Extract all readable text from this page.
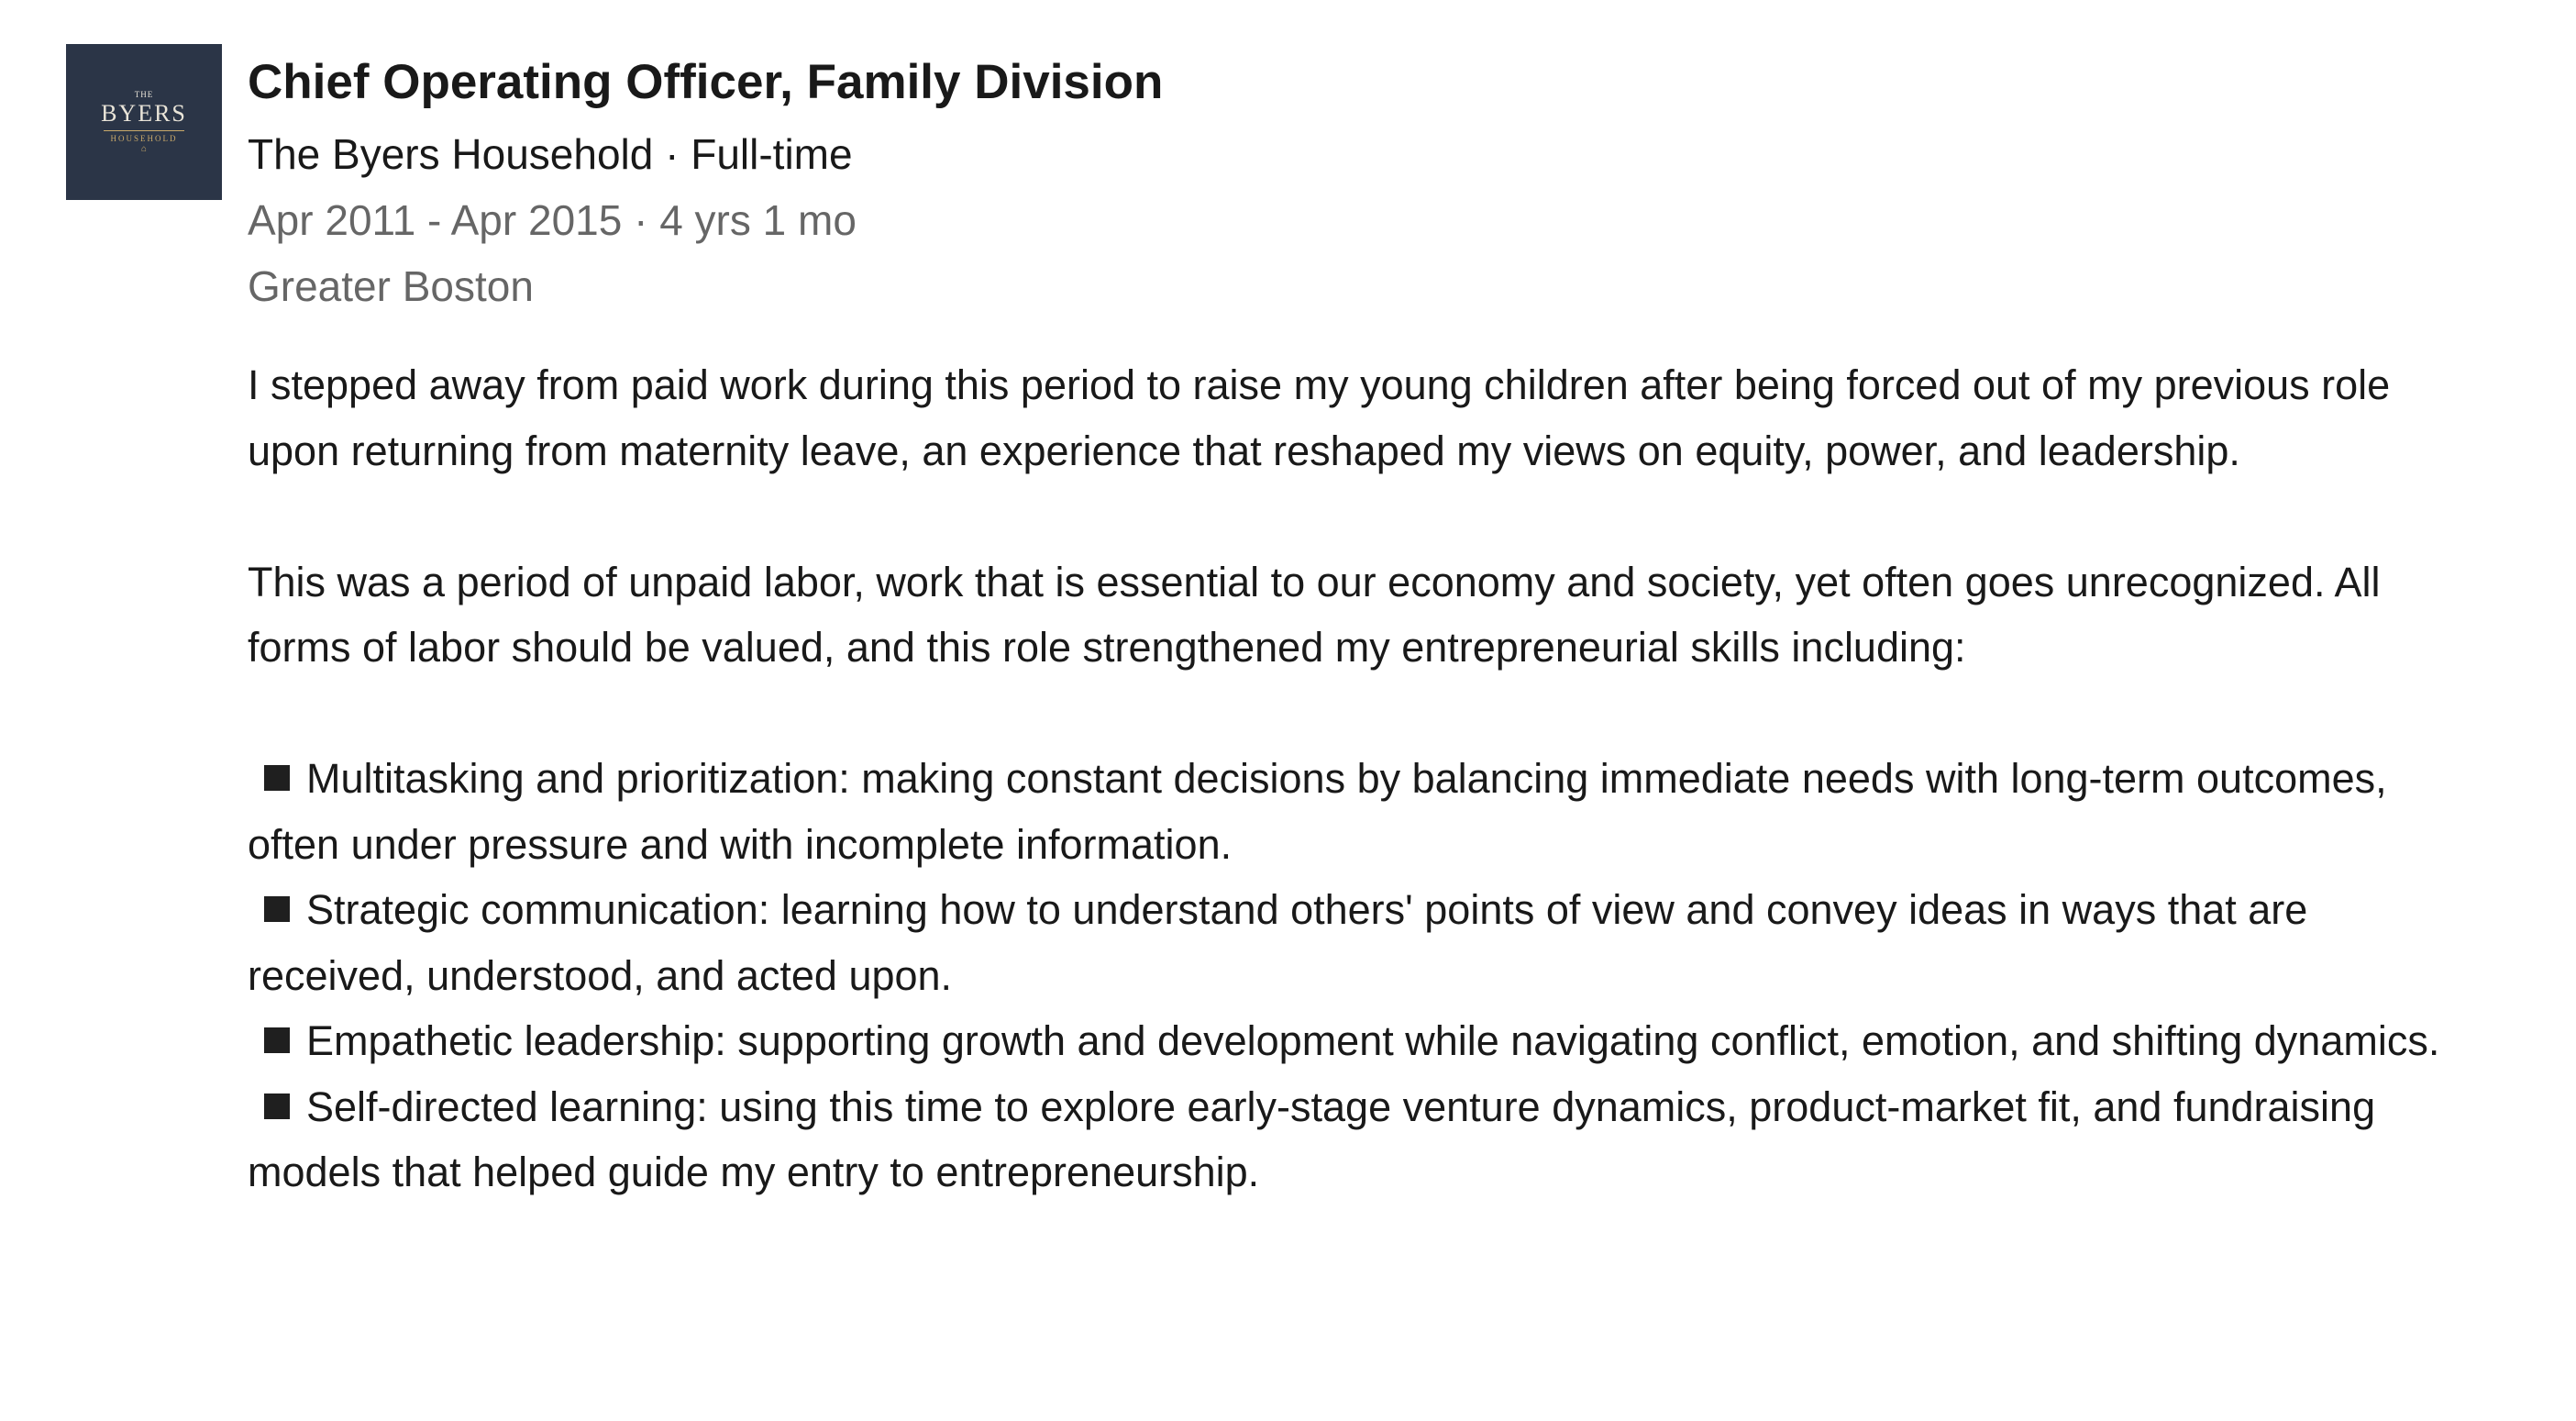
THE
BYERS
HOUSEHOLD
⌂
Chief Operating Officer, Family Division
The Byers Household · Full-time
Apr 2011 - Apr 2015 · 4 yrs 1 mo
Greater Boston

I stepped away from paid work during this period to raise my young children after being forced out of my previous role upon returning from maternity leave, an experience that reshaped my views on equity, power, and leadership.

This was a period of unpaid labor, work that is essential to our economy and society, yet often goes unrecognized. All forms of labor should be valued, and this role strengthened my entrepreneurial skills including:

Multitasking and prioritization: making constant decisions by balancing immediate needs with long-term outcomes, often under pressure and with incomplete information.

Strategic communication: learning how to understand others' points of view and convey ideas in ways that are received, understood, and acted upon.

Empathetic leadership: supporting growth and development while navigating conflict, emotion, and shifting dynamics.

Self-directed learning: using this time to explore early-stage venture dynamics, product-market fit, and fundraising models that helped guide my entry to entrepreneurship.
